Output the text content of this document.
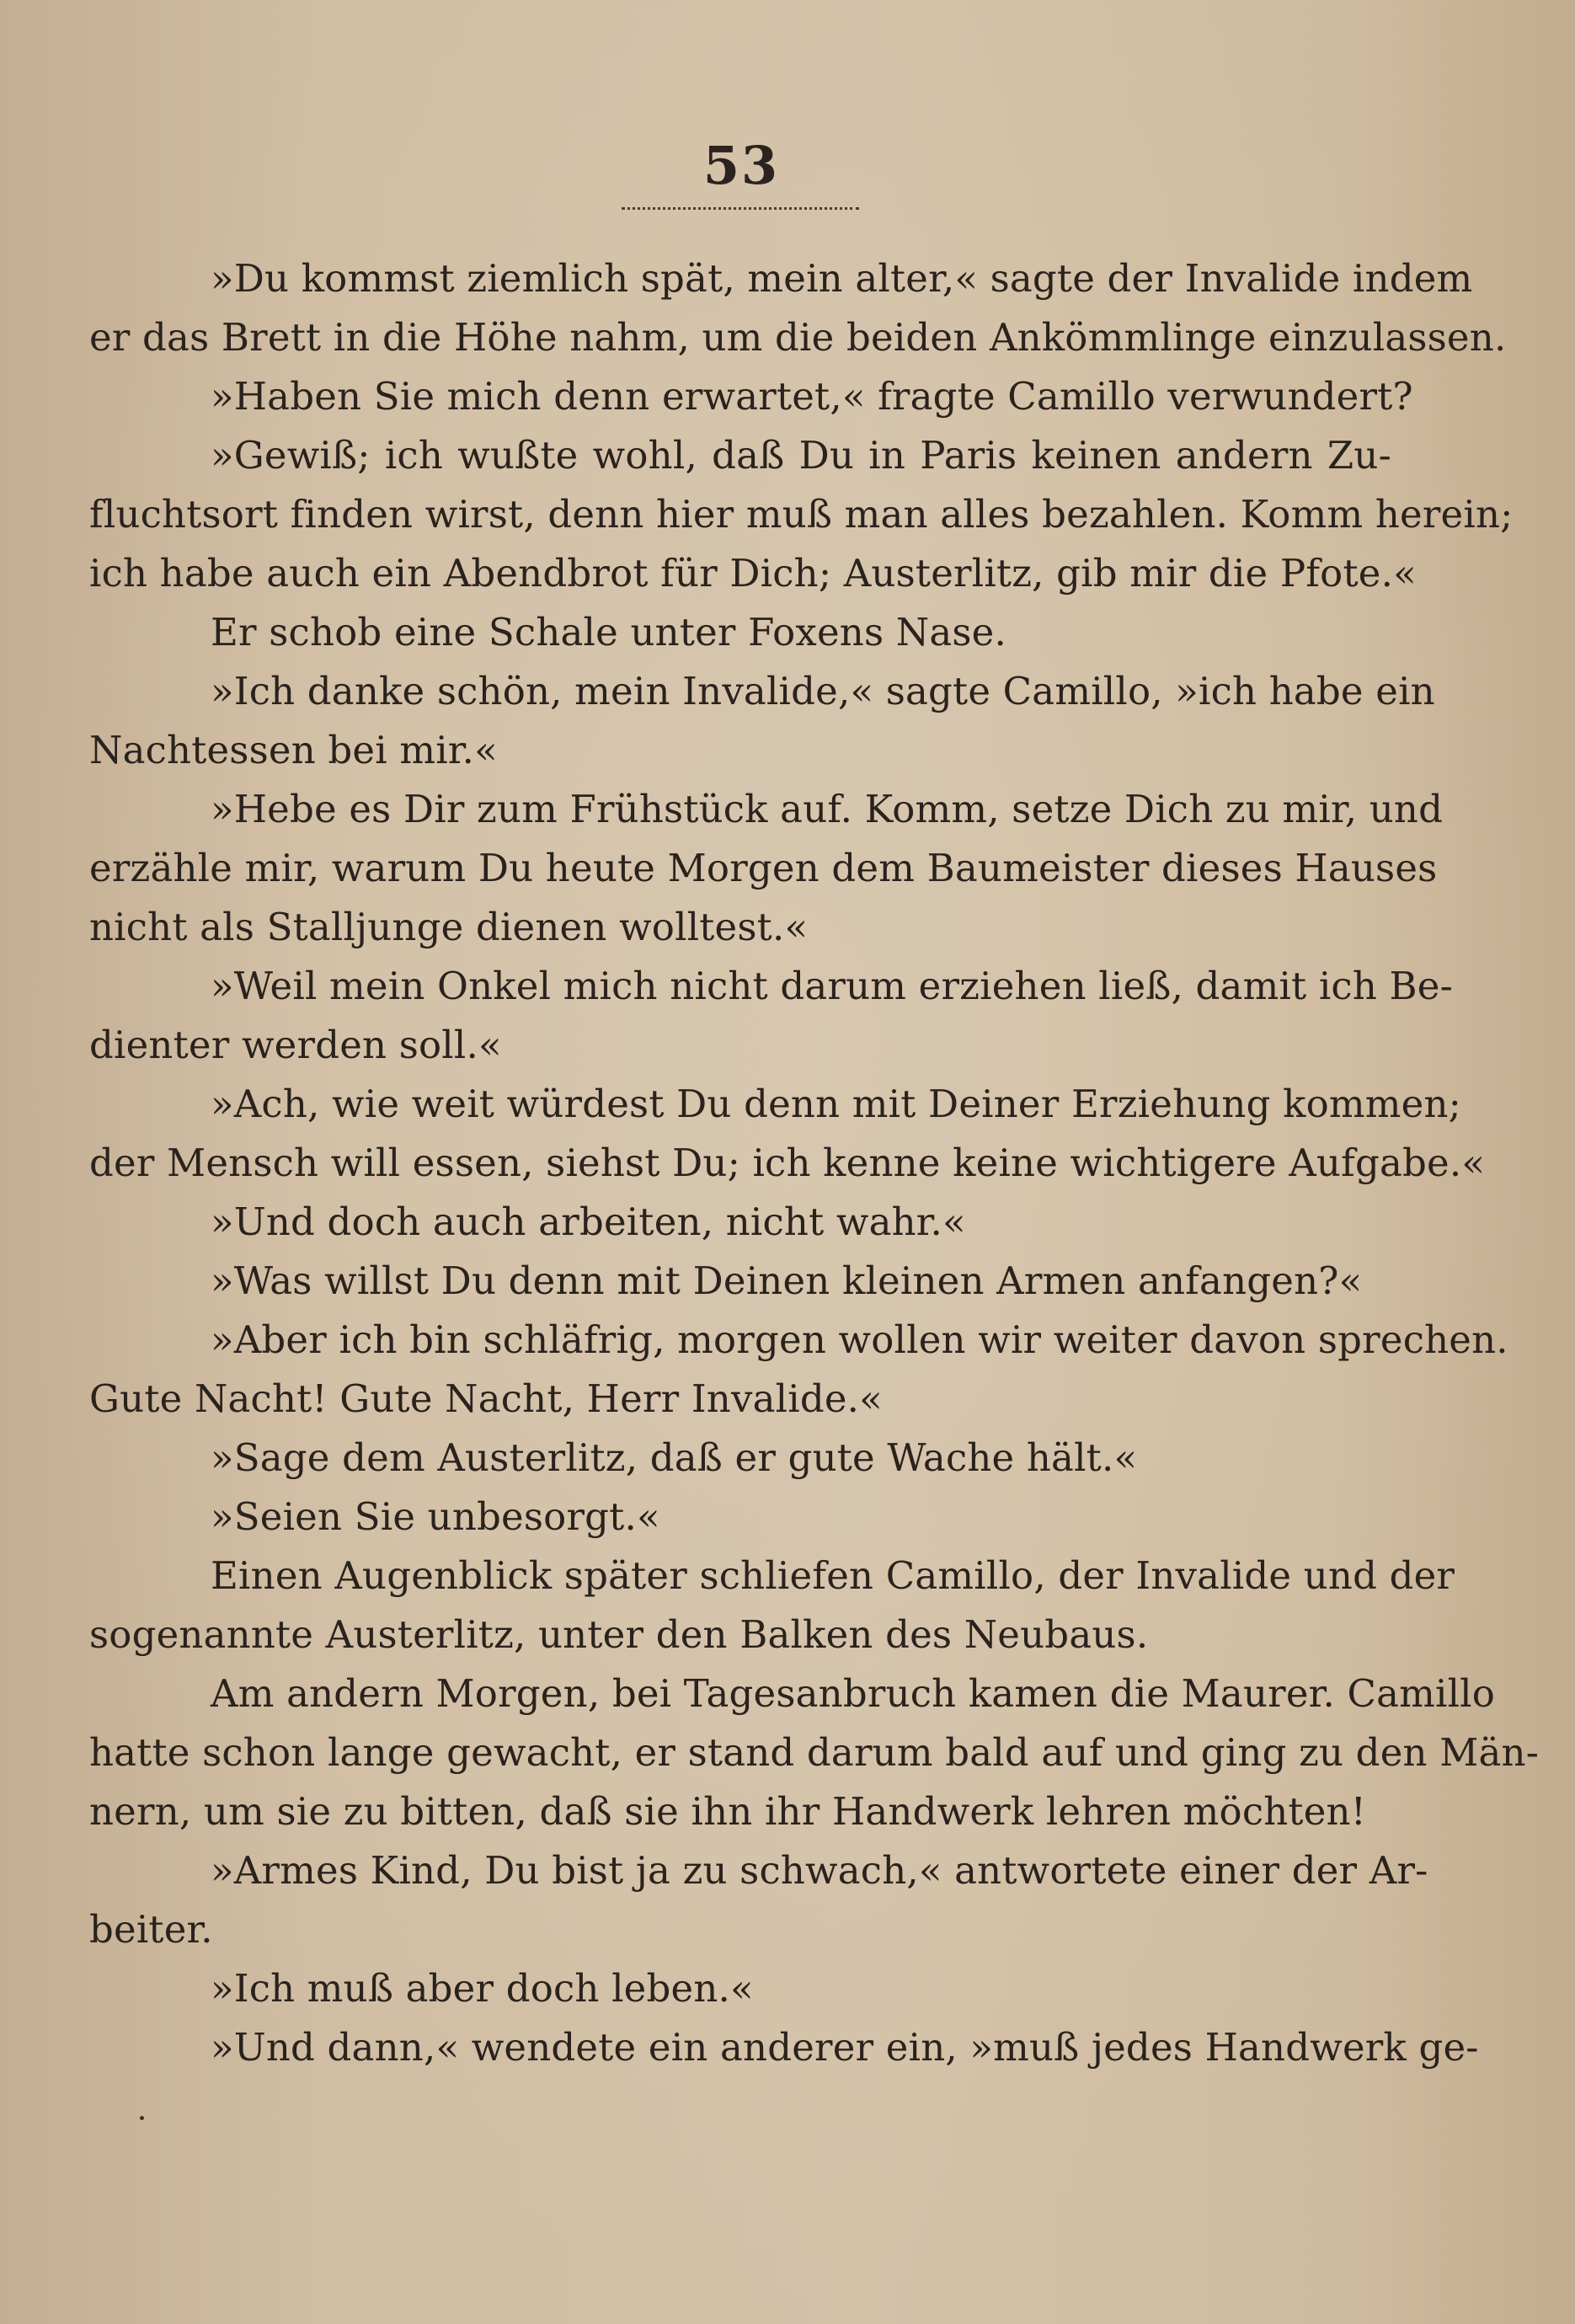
53
»Du kommst ziemlich spät, mein alter,« sagte der Invalide indem
er das Brett in die Höhe nahm, um die beiden Ankömmlinge einzulassen.
»Haben Sie mich denn erwartet,« fragte Camillo verwundert?
»Gewiß; ich wußte wohl, daß Du in Paris keinen andern Zu-
fluchtsort finden wirst, denn hier muß man alles bezahlen. Komm herein;
ich habe auch ein Abendbrot für Dich; Austerlitz, gib mir die Pfote.«
Er schob eine Schale unter Foxens Nase.
»Ich danke schön, mein Invalide,« sagte Camillo, »ich habe ein
Nachtessen bei mir.«
»Hebe es Dir zum Frühstück auf. Komm, setze Dich zu mir, und
erzähle mir, warum Du heute Morgen dem Baumeister dieses Hauses
nicht als Stalljunge dienen wolltest.«
»Weil mein Onkel mich nicht darum erziehen ließ, damit ich Be-
dienter werden soll.«
»Ach, wie weit würdest Du denn mit Deiner Erziehung kommen;
der Mensch will essen, siehst Du; ich kenne keine wichtigere Aufgabe.«
»Und doch auch arbeiten, nicht wahr.«
»Was willst Du denn mit Deinen kleinen Armen anfangen?«
»Aber ich bin schläfrig, morgen wollen wir weiter davon sprechen.
Gute Nacht! Gute Nacht, Herr Invalide.«
»Sage dem Austerlitz, daß er gute Wache hält.«
»Seien Sie unbesorgt.«
Einen Augenblick später schliefen Camillo, der Invalide und der
sogenannte Austerlitz, unter den Balken des Neubaus.
Am andern Morgen, bei Tagesanbruch kamen die Maurer. Camillo
hatte schon lange gewacht, er stand darum bald auf und ging zu den Män-
nern, um sie zu bitten, daß sie ihn ihr Handwerk lehren möchten!
»Armes Kind, Du bist ja zu schwach,« antwortete einer der Ar-
beiter.
»Ich muß aber doch leben.«
»Und dann,« wendete ein anderer ein, »muß jedes Handwerk ge-
